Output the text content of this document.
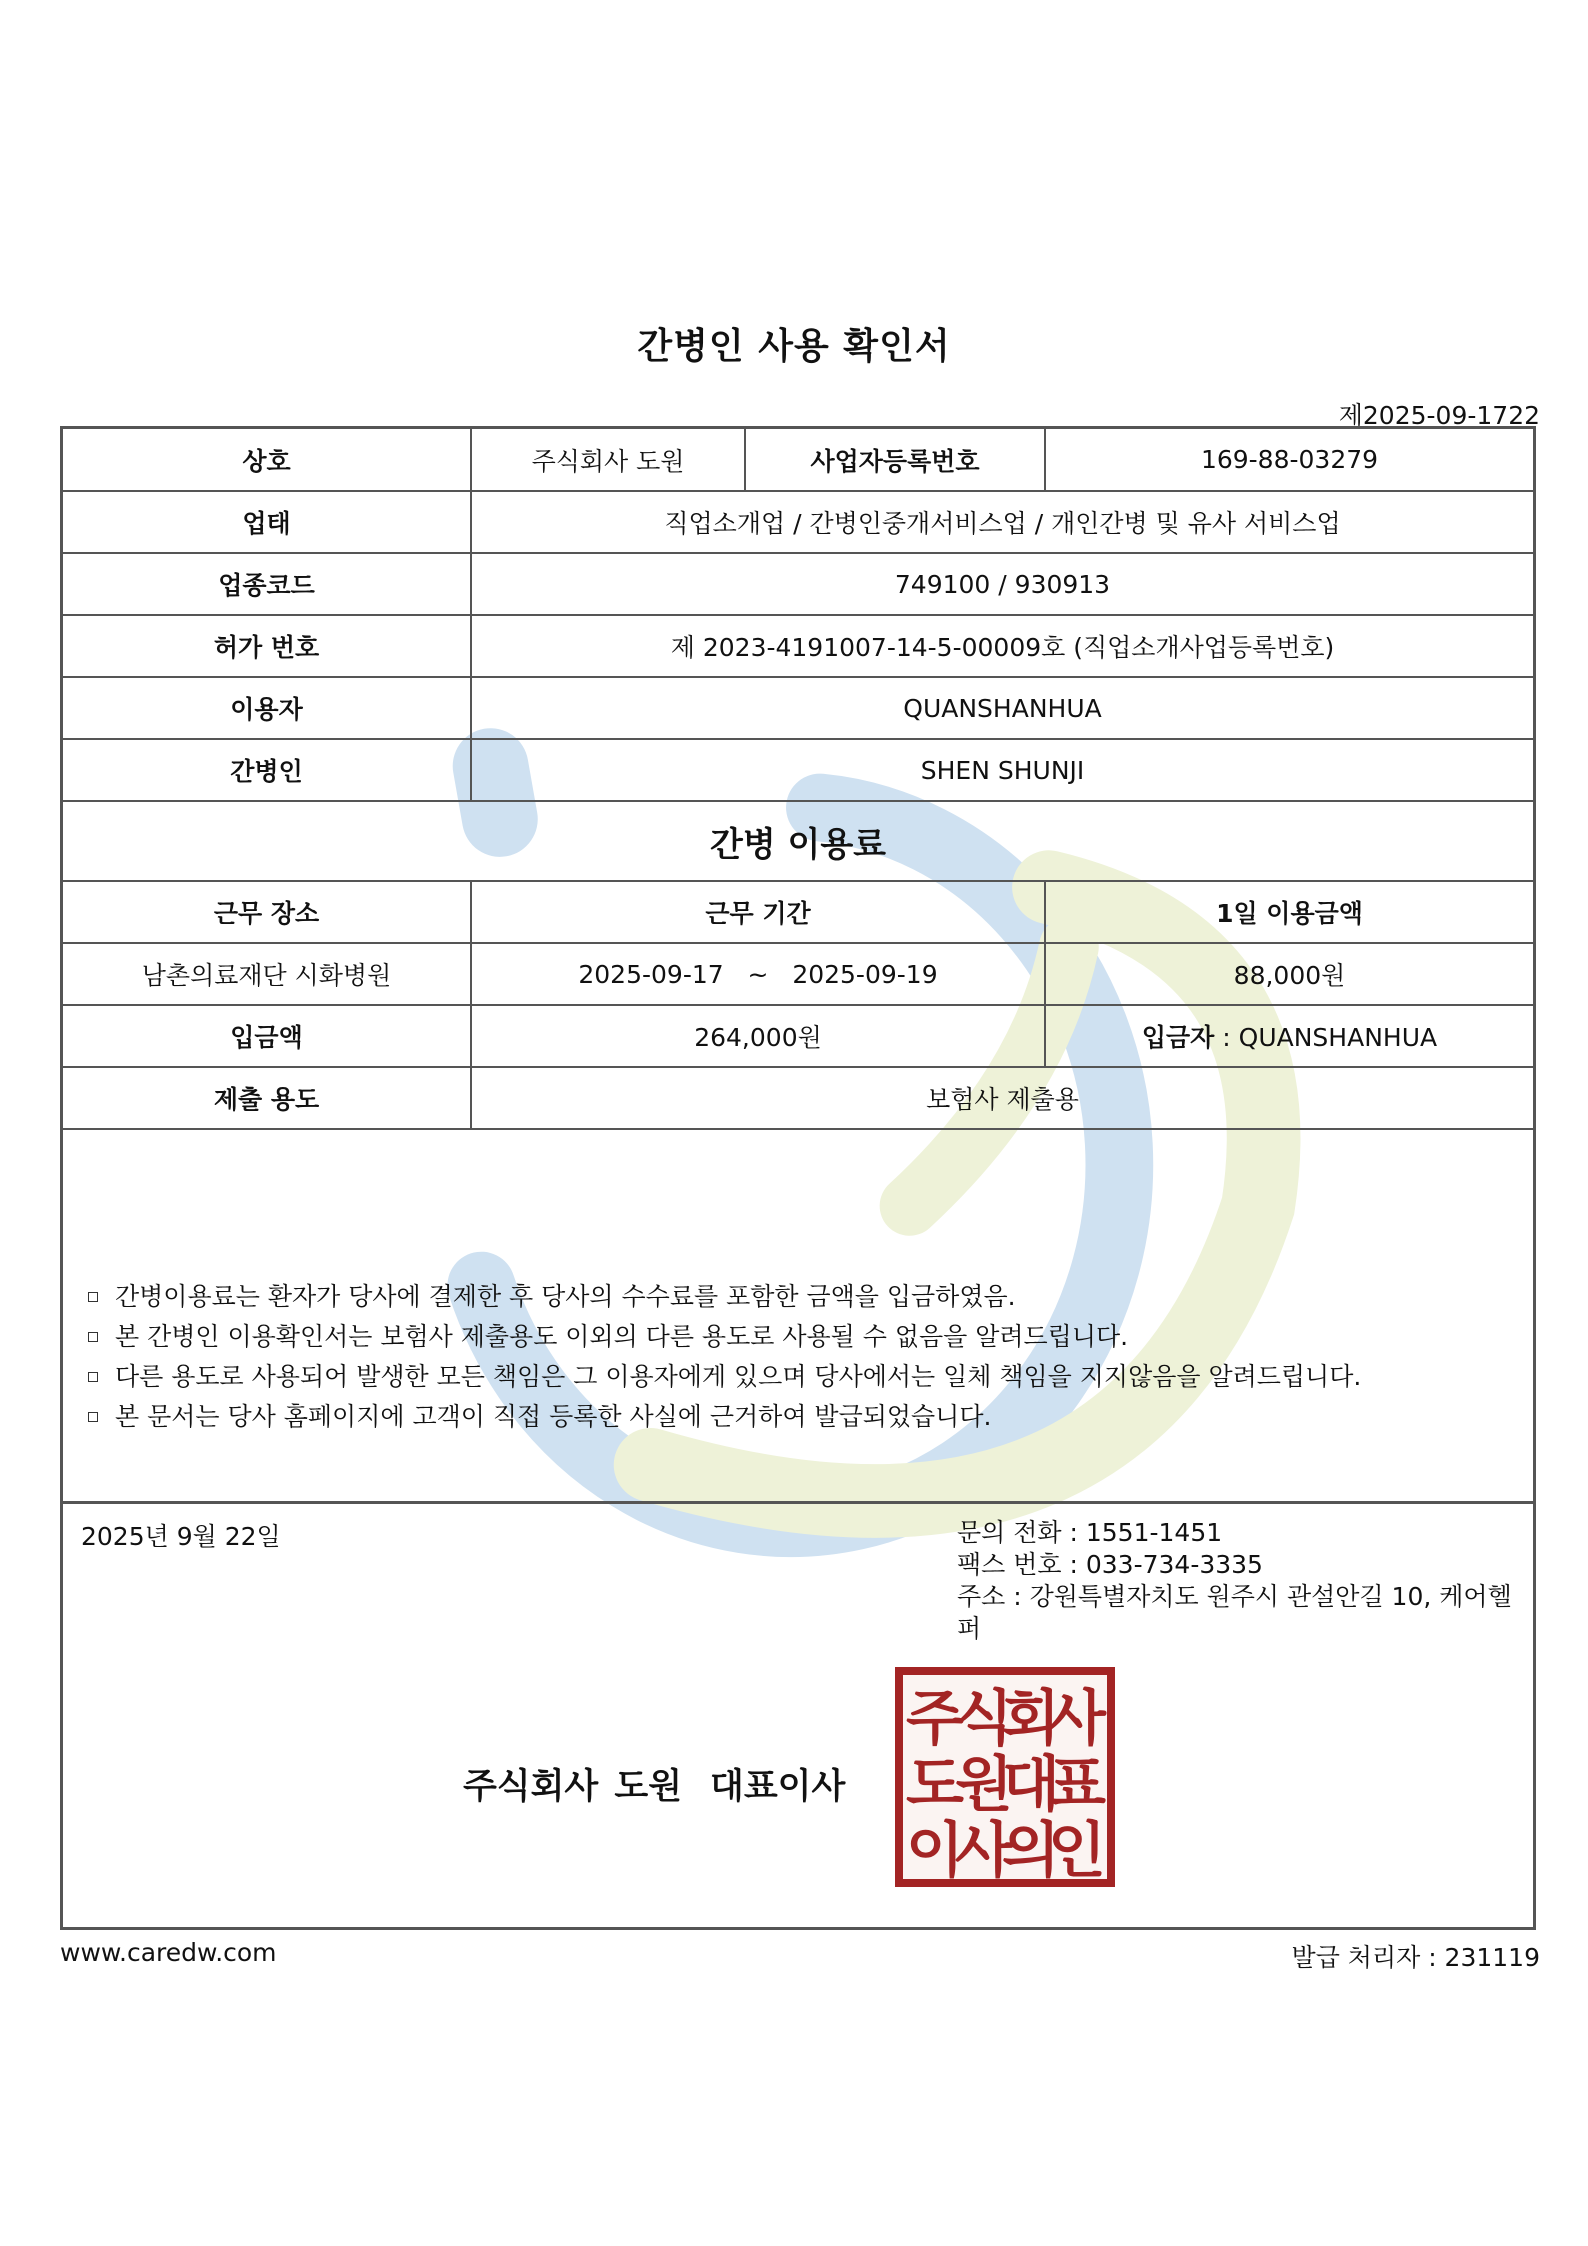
간병인 사용 확인서
제2025-09-1722
상호	주식회사 도원	사업자등록번호	169-88-03279
업태	직업소개업 / 간병인중개서비스업 / 개인간병 및 유사 서비스업		
업종코드	749100 / 930913		
허가 번호	제 2023-4191007-14-5-00009호 (직업소개사업등록번호)		
이용자	QUANSHANHUA		
간병인	SHEN SHUNJI		
간병 이용료			
근무 장소	근무 기간		1일 이용금액
남촌의료재단 시화병원	2025-09-17 ~ 2025-09-19		88,000원
입금액	264,000원		입금자 : QUANSHANHUA
제출 용도	보험사 제출용		
간병이용료는 환자가 당사에 결제한 후 당사의 수수료를 포함한 금액을 입금하였음.
본 간병인 이용확인서는 보험사 제출용도 이외의 다른 용도로 사용될 수 없음을 알려드립니다.
다른 용도로 사용되어 발생한 모든 책임은 그 이용자에게 있으며 당사에서는 일체 책임을 지지않음을 알려드립니다.
본 문서는 당사 홈페이지에 고객이 직접 등록한 사실에 근거하여 발급되었습니다.
2025년 9월 22일	문의 전화 : 1551-1451
팩스 번호 : 033-734-3335
주소 : 강원특별자치도 원주시 관설안길 10, 케어헬퍼
주식회사 도원 대표이사
주
식
회
사
도
원
대
표
이
사
의
인
www.caredw.com	발급 처리자 : 231119
